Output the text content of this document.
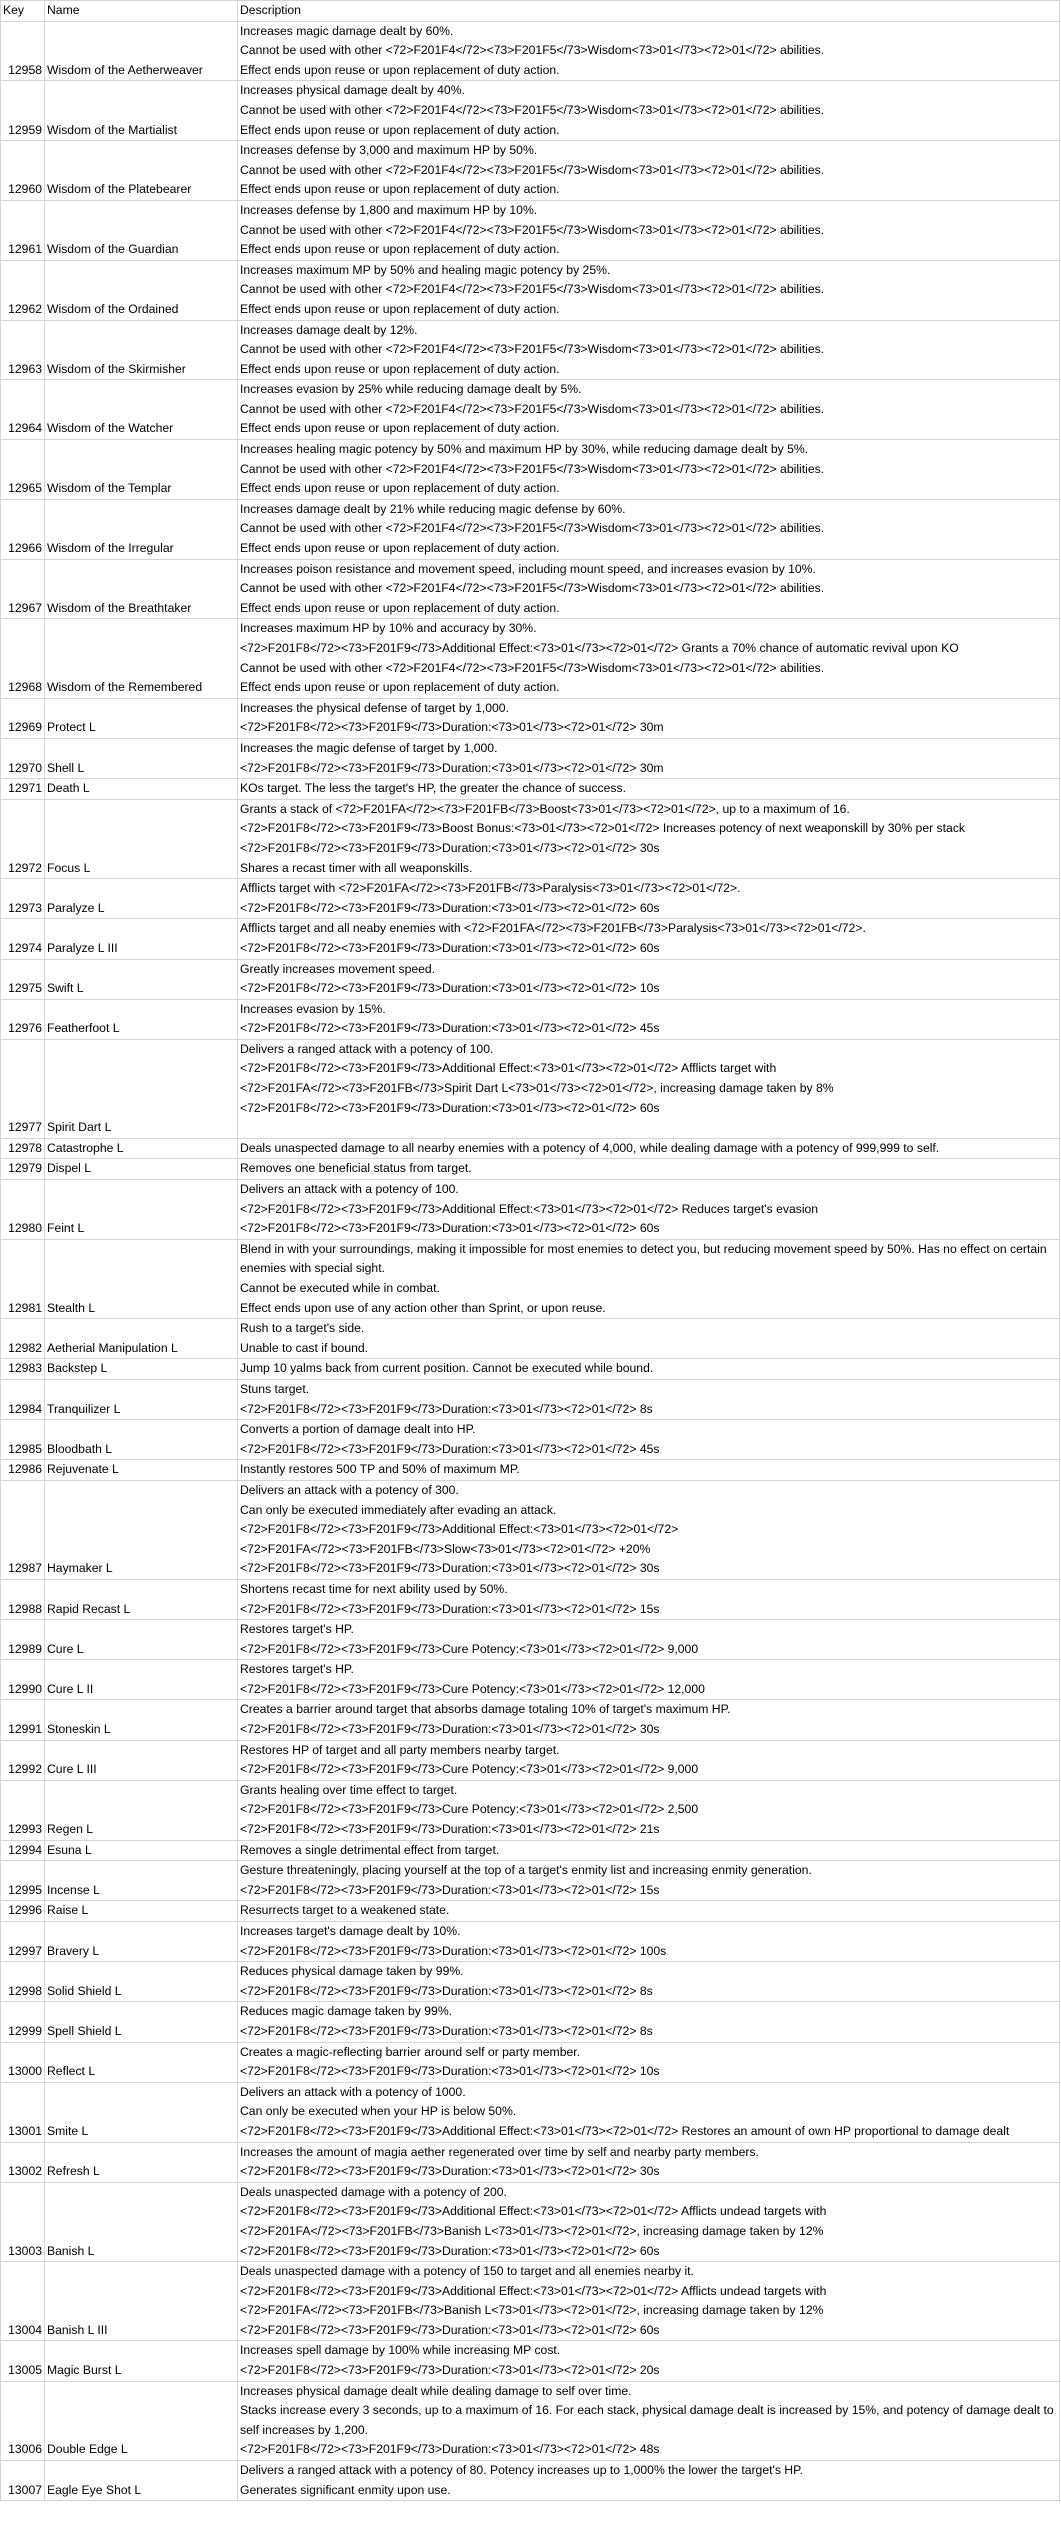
Key	Name	Description
12958	Wisdom of the Aetherweaver	Increases magic damage dealt by 60%.
Cannot be used with other <72>F201F4</72><73>F201F5</73>Wisdom<73>01</73><72>01</72> abilities.
Effect ends upon reuse or upon replacement of duty action.

12959	Wisdom of the Martialist	Increases physical damage dealt by 40%.
Cannot be used with other <72>F201F4</72><73>F201F5</73>Wisdom<73>01</73><72>01</72> abilities.
Effect ends upon reuse or upon replacement of duty action.

12960	Wisdom of the Platebearer	Increases defense by 3,000 and maximum HP by 50%.
Cannot be used with other <72>F201F4</72><73>F201F5</73>Wisdom<73>01</73><72>01</72> abilities.
Effect ends upon reuse or upon replacement of duty action.

12961	Wisdom of the Guardian	Increases defense by 1,800 and maximum HP by 10%.
Cannot be used with other <72>F201F4</72><73>F201F5</73>Wisdom<73>01</73><72>01</72> abilities.
Effect ends upon reuse or upon replacement of duty action.

12962	Wisdom of the Ordained	Increases maximum MP by 50% and healing magic potency by 25%.
Cannot be used with other <72>F201F4</72><73>F201F5</73>Wisdom<73>01</73><72>01</72> abilities.
Effect ends upon reuse or upon replacement of duty action.

12963	Wisdom of the Skirmisher	Increases damage dealt by 12%.
Cannot be used with other <72>F201F4</72><73>F201F5</73>Wisdom<73>01</73><72>01</72> abilities.
Effect ends upon reuse or upon replacement of duty action.

12964	Wisdom of the Watcher	Increases evasion by 25% while reducing damage dealt by 5%.
Cannot be used with other <72>F201F4</72><73>F201F5</73>Wisdom<73>01</73><72>01</72> abilities.
Effect ends upon reuse or upon replacement of duty action.

12965	Wisdom of the Templar	Increases healing magic potency by 50% and maximum HP by 30%, while reducing damage dealt by 5%.
Cannot be used with other <72>F201F4</72><73>F201F5</73>Wisdom<73>01</73><72>01</72> abilities.
Effect ends upon reuse or upon replacement of duty action.

12966	Wisdom of the Irregular	Increases damage dealt by 21% while reducing magic defense by 60%.
Cannot be used with other <72>F201F4</72><73>F201F5</73>Wisdom<73>01</73><72>01</72> abilities.
Effect ends upon reuse or upon replacement of duty action.

12967	Wisdom of the Breathtaker	Increases poison resistance and movement speed, including mount speed, and increases evasion by 10%.
Cannot be used with other <72>F201F4</72><73>F201F5</73>Wisdom<73>01</73><72>01</72> abilities.
Effect ends upon reuse or upon replacement of duty action.

12968	Wisdom of the Remembered	Increases maximum HP by 10% and accuracy by 30%.
<72>F201F8</72><73>F201F9</73>Additional Effect:<73>01</73><72>01</72> Grants a 70% chance of automatic revival upon KO
Cannot be used with other <72>F201F4</72><73>F201F5</73>Wisdom<73>01</73><72>01</72> abilities.
Effect ends upon reuse or upon replacement of duty action.

12969	Protect L	Increases the physical defense of target by 1,000.
<72>F201F8</72><73>F201F9</73>Duration:<73>01</73><72>01</72> 30m

12970	Shell L	Increases the magic defense of target by 1,000.
<72>F201F8</72><73>F201F9</73>Duration:<73>01</73><72>01</72> 30m

12971	Death L	KOs target. The less the target's HP, the greater the chance of success.

12972	Focus L	Grants a stack of <72>F201FA</72><73>F201FB</73>Boost<73>01</73><72>01</72>, up to a maximum of 16.
<72>F201F8</72><73>F201F9</73>Boost Bonus:<73>01</73><72>01</72> Increases potency of next weaponskill by 30% per stack
<72>F201F8</72><73>F201F9</73>Duration:<73>01</73><72>01</72> 30s
Shares a recast timer with all weaponskills.

12973	Paralyze L	Afflicts target with <72>F201FA</72><73>F201FB</73>Paralysis<73>01</73><72>01</72>.
<72>F201F8</72><73>F201F9</73>Duration:<73>01</73><72>01</72> 60s

12974	Paralyze L III	Afflicts target and all neaby enemies with <72>F201FA</72><73>F201FB</73>Paralysis<73>01</73><72>01</72>.
<72>F201F8</72><73>F201F9</73>Duration:<73>01</73><72>01</72> 60s

12975	Swift L	Greatly increases movement speed.
<72>F201F8</72><73>F201F9</73>Duration:<73>01</73><72>01</72> 10s

12976	Featherfoot L	Increases evasion by 15%.
<72>F201F8</72><73>F201F9</73>Duration:<73>01</73><72>01</72> 45s

12977	Spirit Dart L	Delivers a ranged attack with a potency of 100.
<72>F201F8</72><73>F201F9</73>Additional Effect:<73>01</73><72>01</72> Afflicts target with
<72>F201FA</72><73>F201FB</73>Spirit Dart L<73>01</73><72>01</72>, increasing damage taken by 8%
<72>F201F8</72><73>F201F9</73>Duration:<73>01</73><72>01</72> 60s

12978	Catastrophe L	Deals unaspected damage to all nearby enemies with a potency of 4,000, while dealing damage with a potency of 999,999 to self.

12979	Dispel L	Removes one beneficial status from target.

12980	Feint L	Delivers an attack with a potency of 100.
<72>F201F8</72><73>F201F9</73>Additional Effect:<73>01</73><72>01</72> Reduces target's evasion
<72>F201F8</72><73>F201F9</73>Duration:<73>01</73><72>01</72> 60s

12981	Stealth L	Blend in with your surroundings, making it impossible for most enemies to detect you, but reducing movement speed by 50%. Has no effect on certain enemies with special sight.
Cannot be executed while in combat.
Effect ends upon use of any action other than Sprint, or upon reuse.

12982	Aetherial Manipulation L	Rush to a target's side.
Unable to cast if bound.

12983	Backstep L	Jump 10 yalms back from current position. Cannot be executed while bound.

12984	Tranquilizer L	Stuns target.
<72>F201F8</72><73>F201F9</73>Duration:<73>01</73><72>01</72> 8s

12985	Bloodbath L	Converts a portion of damage dealt into HP.
<72>F201F8</72><73>F201F9</73>Duration:<73>01</73><72>01</72> 45s

12986	Rejuvenate L	Instantly restores 500 TP and 50% of maximum MP.

12987	Haymaker L	Delivers an attack with a potency of 300.
Can only be executed immediately after evading an attack.
<72>F201F8</72><73>F201F9</73>Additional Effect:<73>01</73><72>01</72>
<72>F201FA</72><73>F201FB</73>Slow<73>01</73><72>01</72> +20%
<72>F201F8</72><73>F201F9</73>Duration:<73>01</73><72>01</72> 30s

12988	Rapid Recast L	Shortens recast time for next ability used by 50%.
<72>F201F8</72><73>F201F9</73>Duration:<73>01</73><72>01</72> 15s

12989	Cure L	Restores target's HP.
<72>F201F8</72><73>F201F9</73>Cure Potency:<73>01</73><72>01</72> 9,000

12990	Cure L II	Restores target's HP.
<72>F201F8</72><73>F201F9</73>Cure Potency:<73>01</73><72>01</72> 12,000

12991	Stoneskin L	Creates a barrier around target that absorbs damage totaling 10% of target's maximum HP.
<72>F201F8</72><73>F201F9</73>Duration:<73>01</73><72>01</72> 30s

12992	Cure L III	Restores HP of target and all party members nearby target.
<72>F201F8</72><73>F201F9</73>Cure Potency:<73>01</73><72>01</72> 9,000

12993	Regen L	Grants healing over time effect to target.
<72>F201F8</72><73>F201F9</73>Cure Potency:<73>01</73><72>01</72> 2,500
<72>F201F8</72><73>F201F9</73>Duration:<73>01</73><72>01</72> 21s

12994	Esuna L	Removes a single detrimental effect from target.

12995	Incense L	Gesture threateningly, placing yourself at the top of a target's enmity list and increasing enmity generation.
<72>F201F8</72><73>F201F9</73>Duration:<73>01</73><72>01</72> 15s

12996	Raise L	Resurrects target to a weakened state.

12997	Bravery L	Increases target's damage dealt by 10%.
<72>F201F8</72><73>F201F9</73>Duration:<73>01</73><72>01</72> 100s

12998	Solid Shield L	Reduces physical damage taken by 99%.
<72>F201F8</72><73>F201F9</73>Duration:<73>01</73><72>01</72> 8s

12999	Spell Shield L	Reduces magic damage taken by 99%.
<72>F201F8</72><73>F201F9</73>Duration:<73>01</73><72>01</72> 8s

13000	Reflect L	Creates a magic-reflecting barrier around self or party member.
<72>F201F8</72><73>F201F9</73>Duration:<73>01</73><72>01</72> 10s

13001	Smite L	Delivers an attack with a potency of 1000.
Can only be executed when your HP is below 50%.
<72>F201F8</72><73>F201F9</73>Additional Effect:<73>01</73><72>01</72> Restores an amount of own HP proportional to damage dealt

13002	Refresh L	Increases the amount of magia aether regenerated over time by self and nearby party members.
<72>F201F8</72><73>F201F9</73>Duration:<73>01</73><72>01</72> 30s

13003	Banish L	Deals unaspected damage with a potency of 200.
<72>F201F8</72><73>F201F9</73>Additional Effect:<73>01</73><72>01</72> Afflicts undead targets with
<72>F201FA</72><73>F201FB</73>Banish L<73>01</73><72>01</72>, increasing damage taken by 12%
<72>F201F8</72><73>F201F9</73>Duration:<73>01</73><72>01</72> 60s

13004	Banish L III	Deals unaspected damage with a potency of 150 to target and all enemies nearby it.
<72>F201F8</72><73>F201F9</73>Additional Effect:<73>01</73><72>01</72> Afflicts undead targets with
<72>F201FA</72><73>F201FB</73>Banish L<73>01</73><72>01</72>, increasing damage taken by 12%
<72>F201F8</72><73>F201F9</73>Duration:<73>01</73><72>01</72> 60s

13005	Magic Burst L	Increases spell damage by 100% while increasing MP cost.
<72>F201F8</72><73>F201F9</73>Duration:<73>01</73><72>01</72> 20s

13006	Double Edge L	Increases physical damage dealt while dealing damage to self over time.
Stacks increase every 3 seconds, up to a maximum of 16. For each stack, physical damage dealt is increased by 15%, and potency of damage dealt to self increases by 1,200.
<72>F201F8</72><73>F201F9</73>Duration:<73>01</73><72>01</72> 48s

13007	Eagle Eye Shot L	Delivers a ranged attack with a potency of 80. Potency increases up to 1,000% the lower the target's HP.
Generates significant enmity upon use.
